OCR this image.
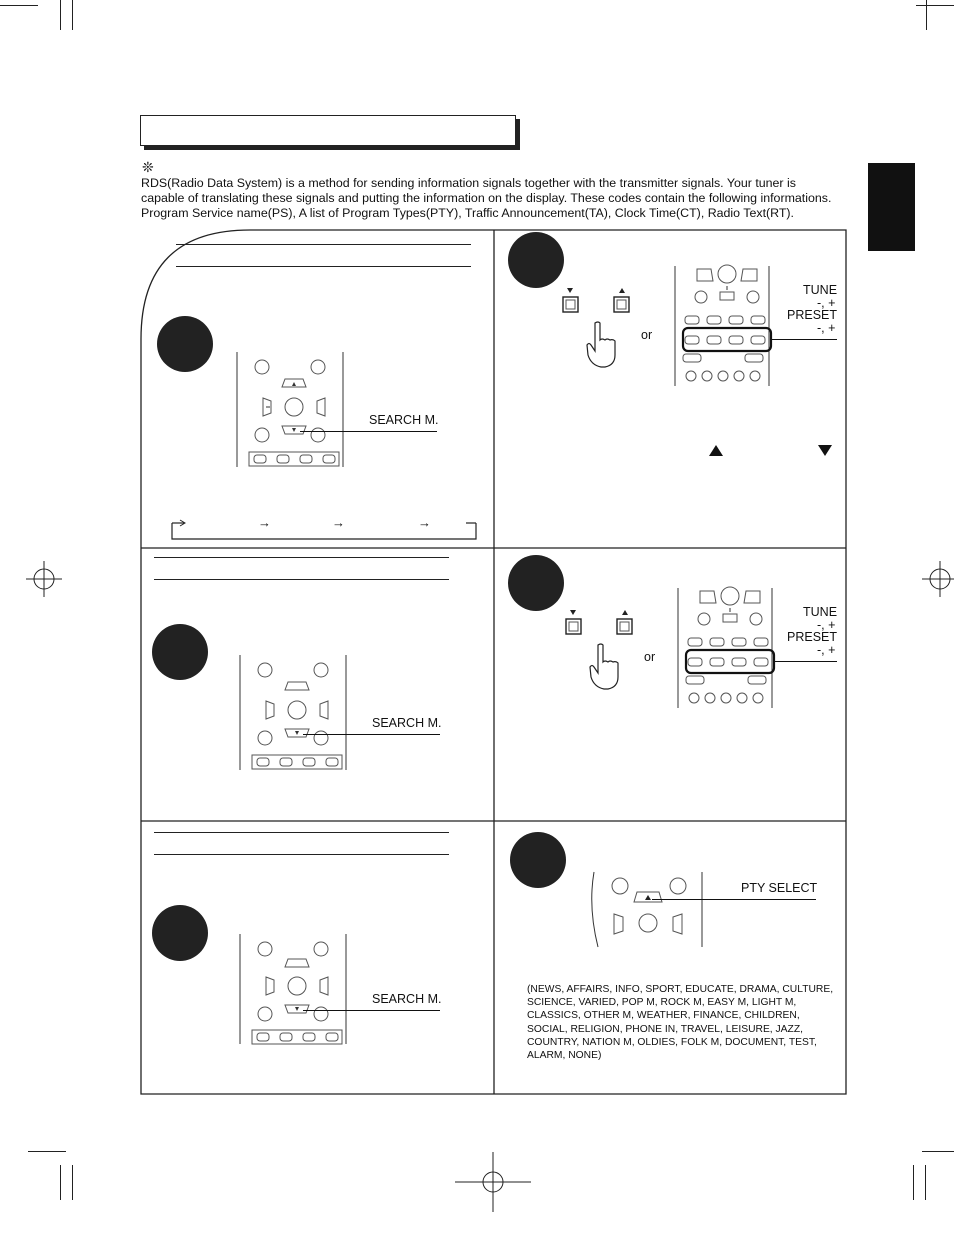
❊
RDS(Radio Data System) is a method for sending information signals together with the transmitter signals. Your tuner is capable of translating these signals and putting the information on the display. These codes contain the following informations. Program Service name(PS), A list of Program Types(PTY), Traffic Announcement(TA), Clock Time(CT), Radio Text(RT).
SEARCH M.
SEARCH M.
SEARCH M.
→	→	→
or
TUNE
-, +
PRESET
-, +
or
TUNE
-, +
PRESET
-, +
PTY SELECT
(NEWS, AFFAIRS, INFO, SPORT, EDUCATE, DRAMA, CULTURE, SCIENCE, VARIED, POP M, ROCK M, EASY M, LIGHT M, CLASSICS, OTHER M, WEATHER, FINANCE, CHILDREN, SOCIAL, RELIGION, PHONE IN, TRAVEL, LEISURE, JAZZ, COUNTRY, NATION M, OLDIES, FOLK M, DOCUMENT, TEST, ALARM, NONE)
